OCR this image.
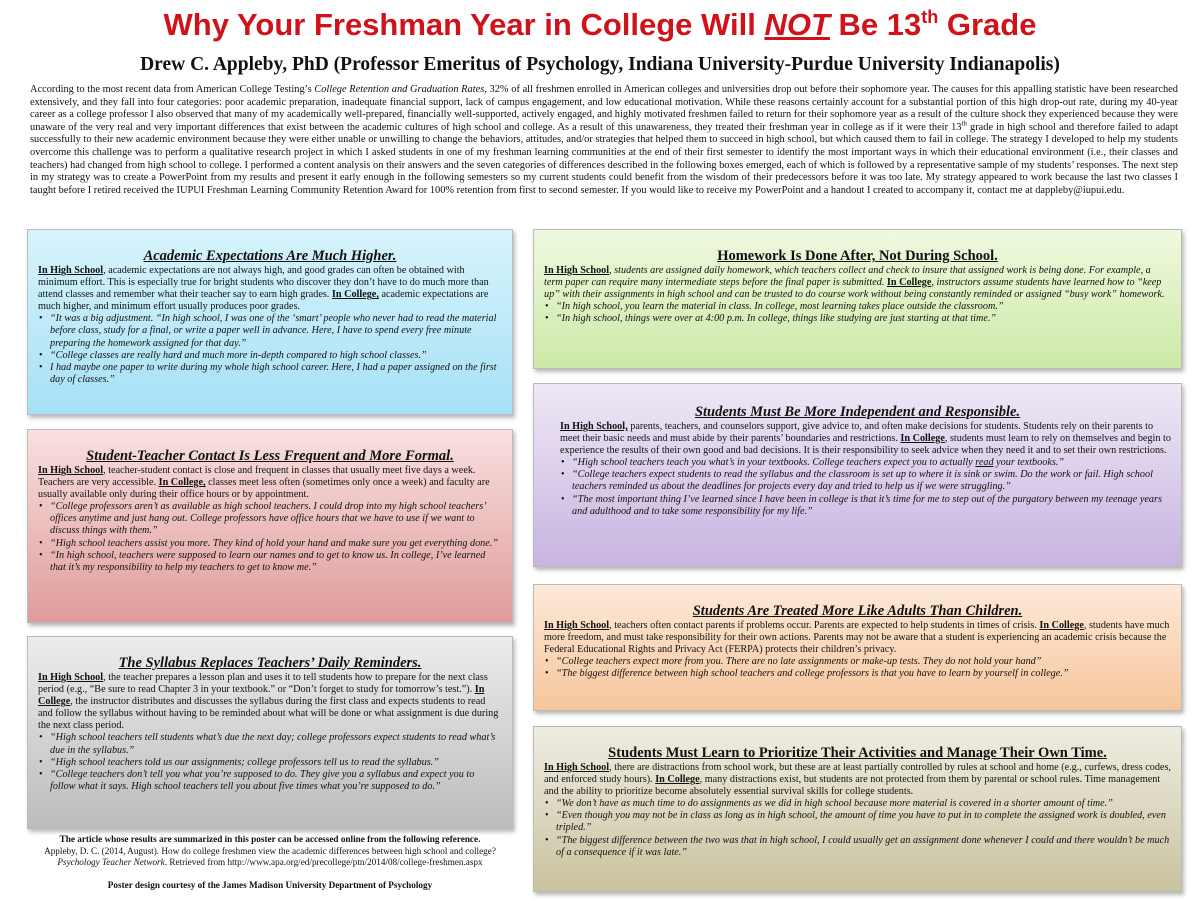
Why Your Freshman Year in College Will NOT Be 13th Grade
Drew C. Appleby, PhD (Professor Emeritus of Psychology, Indiana University-Purdue University Indianapolis)
According to the most recent data from American College Testing’s College Retention and Graduation Rates, 32% of all freshmen enrolled in American colleges and universities drop out before their sophomore year. The causes for this appalling statistic have been researched extensively, and they fall into four categories: poor academic preparation, inadequate financial support, lack of campus engagement, and low educational motivation. While these reasons certainly account for a substantial portion of this high drop-out rate, during my 40-year career as a college professor I also observed that many of my academically well-prepared, financially well-supported, actively engaged, and highly motivated freshmen failed to return for their sophomore year as a result of the culture shock they experienced because they were unaware of the very real and very important differences that exist between the academic cultures of high school and college. As a result of this unawareness, they treated their freshman year in college as if it were their 13th grade in high school and therefore failed to adapt successfully to their new academic environment because they were either unable or unwilling to change the behaviors, attitudes, and/or strategies that helped them to succeed in high school, but which caused them to fail in college. The strategy I developed to help my students overcome this challenge was to perform a qualitative research project in which I asked students in one of my freshman learning communities at the end of their first semester to identify the most important ways in which their educational environment (i.e., their classes and teachers) had changed from high school to college. I performed a content analysis on their answers and the seven categories of differences described in the following boxes emerged, each of which is followed by a representative sample of my students’ responses. The next step in my strategy was to create a PowerPoint from my results and present it early enough in the following semesters so my current students could benefit from the wisdom of their predecessors before it was too late. My strategy appeared to work because the last two classes I taught before I retired received the IUPUI Freshman Learning Community Retention Award for 100% retention from first to second semester. If you would like to receive my PowerPoint and a handout I created to accompany it, contact me at dappleby@iupui.edu.
Academic Expectations Are Much Higher.

In High School, academic expectations are not always high, and good grades can often be obtained with minimum effort. This is especially true for bright students who discover they don’t have to do much more than attend classes and remember what their teacher say to earn high grades. In College, academic expectations are much higher, and minimum effort usually produces poor grades.

• “It was a big adjustment. “In high school, I was one of the ‘smart’ people who never had to read the material before class, study for a final, or write a paper well in advance. Here, I have to spend every free minute preparing the homework assigned for that day.”
• “College classes are really hard and much more in-depth compared to high school classes.”
• I had maybe one paper to write during my whole high school career. Here, I had a paper assigned on the first day of classes.”
Student-Teacher Contact Is Less Frequent and More Formal.

In High School, teacher-student contact is close and frequent in classes that usually meet five days a week. Teachers are very accessible. In College, classes meet less often (sometimes only once a week) and faculty are usually available only during their office hours or by appointment.

• “College professors aren’t as available as high school teachers. I could drop into my high school teachers’ offices anytime and just hang out. College professors have office hours that we have to use if we want to discuss things with them.”
• “High school teachers assist you more. They kind of hold your hand and make sure you get everything done.”
• “In high school, teachers were supposed to learn our names and to get to know us. In college, I’ve learned that it’s my responsibility to help my teachers to get to know me.”
The Syllabus Replaces Teachers’ Daily Reminders.

In High School, the teacher prepares a lesson plan and uses it to tell students how to prepare for the next class period (e.g., “Be sure to read Chapter 3 in your textbook.” or “Don’t forget to study for tomorrow’s test.”). In College, the instructor distributes and discusses the syllabus during the first class and expects students to read and follow the syllabus without having to be reminded about what will be done or what assignment is due during the next class period.

• “High school teachers tell students what’s due the next day; college professors expect students to read what’s due in the syllabus.”
• “High school teachers told us our assignments; college professors tell us to read the syllabus.”
• “College teachers don’t tell you what you’re supposed to do. They give you a syllabus and expect you to follow what it says. High school teachers tell you about five times what you’re supposed to do.”
Homework Is Done After, Not During School.

In High School, students are assigned daily homework, which teachers collect and check to insure that assigned work is being done. For example, a term paper can require many intermediate steps before the final paper is submitted. In College, instructors assume students have learned how to “keep up” with their assignments in high school and can be trusted to do course work without being constantly reminded or assigned “busy work” homework.

• “In high school, you learn the material in class. In college, most learning takes place outside the classroom.”
• “In high school, things were over at 4:00 p.m. In college, things like studying are just starting at that time.”
Students Must Be More Independent and Responsible.

In High School, parents, teachers, and counselors support, give advice to, and often make decisions for students. Students rely on their parents to meet their basic needs and must abide by their parents’ boundaries and restrictions. In College, students must learn to rely on themselves and begin to experience the results of their own good and bad decisions. It is their responsibility to seek advice when they need it and to set their own restrictions.

• “High school teachers teach you what’s in your textbooks. College teachers expect you to actually read your textbooks.”
• “College teachers expect students to read the syllabus and the classroom is set up to where it is sink or swim. Do the work or fail. High school teachers reminded us about the deadlines for projects every day and tried to help us if we were struggling.”
• “The most important thing I’ve learned since I have been in college is that it’s time for me to step out of the purgatory between my teenage years and adulthood and to take some responsibility for my life.”
Students Are Treated More Like Adults Than Children.

In High School, teachers often contact parents if problems occur. Parents are expected to help students in times of crisis. In College, students have much more freedom, and must take responsibility for their own actions. Parents may not be aware that a student is experiencing an academic crisis because the Federal Educational Rights and Privacy Act (FERPA) protects their children’s privacy.

• “College teachers expect more from you. There are no late assignments or make-up tests. They do not hold your hand”
• “The biggest difference between high school teachers and college professors is that you have to learn by yourself in college.”
Students Must Learn to Prioritize Their Activities and Manage Their Own Time.

In High School, there are distractions from school work, but these are at least partially controlled by rules at school and home (e.g., curfews, dress codes, and enforced study hours). In College, many distractions exist, but students are not protected from them by parental or school rules. Time management and the ability to prioritize become absolutely essential survival skills for college students.

• “We don’t have as much time to do assignments as we did in high school because more material is covered in a shorter amount of time.”
• “Even though you may not be in class as long as in high school, the amount of time you have to put in to complete the assigned work is doubled, even tripled.”
• “The biggest difference between the two was that in high school, I could usually get an assignment done whenever I could and there wouldn’t be much of a consequence if it was late.”
The article whose results are summarized in this poster can be accessed online from the following reference.
Appleby, D. C. (2014, August). How do college freshmen view the academic differences between high school and college?
Psychology Teacher Network. Retrieved from http://www.apa.org/ed/precollege/ptn/2014/08/college-freshmen.aspx
Poster design courtesy of the James Madison University Department of Psychology
